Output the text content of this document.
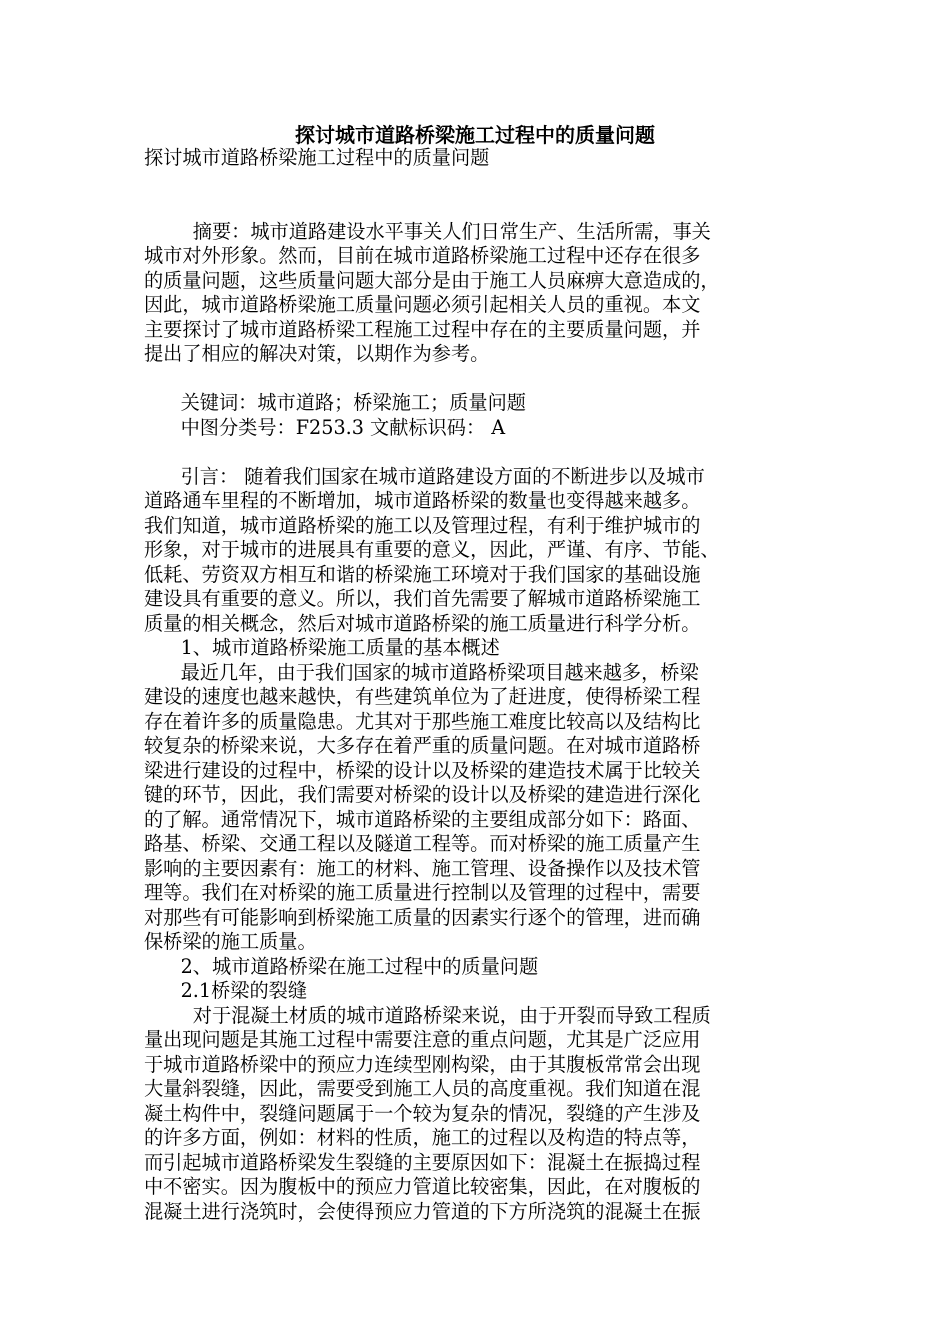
探讨城市道路桥梁施工过程中的质量问题
探讨城市道路桥梁施工过程中的质量问题
摘要：城市道路建设水平事关人们日常生产、生活所需，事关
城市对外形象。然而，目前在城市道路桥梁施工过程中还存在很多
的质量问题，这些质量问题大部分是由于施工人员麻痹大意造成的，
因此，城市道路桥梁施工质量问题必须引起相关人员的重视。本文
主要探讨了城市道路桥梁工程施工过程中存在的主要质量问题，并
提出了相应的解决对策，以期作为参考。
关键词：城市道路；桥梁施工；质量问题
中图分类号：F253.3 文献标识码： A
引言： 随着我们国家在城市道路建设方面的不断进步以及城市
道路通车里程的不断增加，城市道路桥梁的数量也变得越来越多。
我们知道，城市道路桥梁的施工以及管理过程，有利于维护城市的
形象，对于城市的进展具有重要的意义，因此，严谨、有序、节能、
低耗、劳资双方相互和谐的桥梁施工环境对于我们国家的基础设施
建设具有重要的意义。所以，我们首先需要了解城市道路桥梁施工
质量的相关概念，然后对城市道路桥梁的施工质量进行科学分析。
1、城市道路桥梁施工质量的基本概述
最近几年，由于我们国家的城市道路桥梁项目越来越多，桥梁
建设的速度也越来越快，有些建筑单位为了赶进度，使得桥梁工程
存在着许多的质量隐患。尤其对于那些施工难度比较高以及结构比
较复杂的桥梁来说，大多存在着严重的质量问题。在对城市道路桥
梁进行建设的过程中，桥梁的设计以及桥梁的建造技术属于比较关
键的环节，因此，我们需要对桥梁的设计以及桥梁的建造进行深化
的了解。通常情况下，城市道路桥梁的主要组成部分如下：路面、
路基、桥梁、交通工程以及隧道工程等。而对桥梁的施工质量产生
影响的主要因素有：施工的材料、施工管理、设备操作以及技术管
理等。我们在对桥梁的施工质量进行控制以及管理的过程中，需要
对那些有可能影响到桥梁施工质量的因素实行逐个的管理，进而确
保桥梁的施工质量。
2、城市道路桥梁在施工过程中的质量问题
2.1桥梁的裂缝
对于混凝土材质的城市道路桥梁来说，由于开裂而导致工程质
量出现问题是其施工过程中需要注意的重点问题，尤其是广泛应用
于城市道路桥梁中的预应力连续型刚构梁，由于其腹板常常会出现
大量斜裂缝，因此，需要受到施工人员的高度重视。我们知道在混
凝土构件中，裂缝问题属于一个较为复杂的情况，裂缝的产生涉及
的许多方面，例如：材料的性质，施工的过程以及构造的特点等，
而引起城市道路桥梁发生裂缝的主要原因如下：混凝土在振捣过程
中不密实。因为腹板中的预应力管道比较密集，因此，在对腹板的
混凝土进行浇筑时，会使得预应力管道的下方所浇筑的混凝土在振
